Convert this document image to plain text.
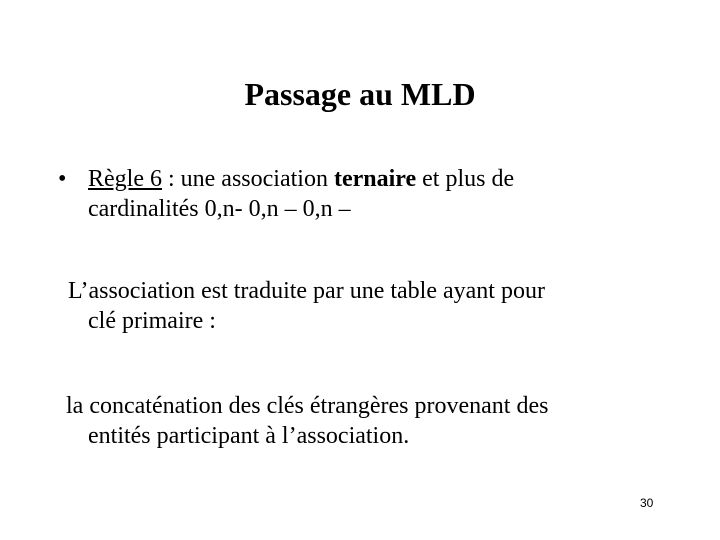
Passage au MLD
• Règle 6 : une association ternaire et plus de
cardinalités 0,n- 0,n – 0,n –
L’association est traduite par une table ayant pour
clé primaire :
la concaténation des clés étrangères provenant des
entités participant à l’association.
30
